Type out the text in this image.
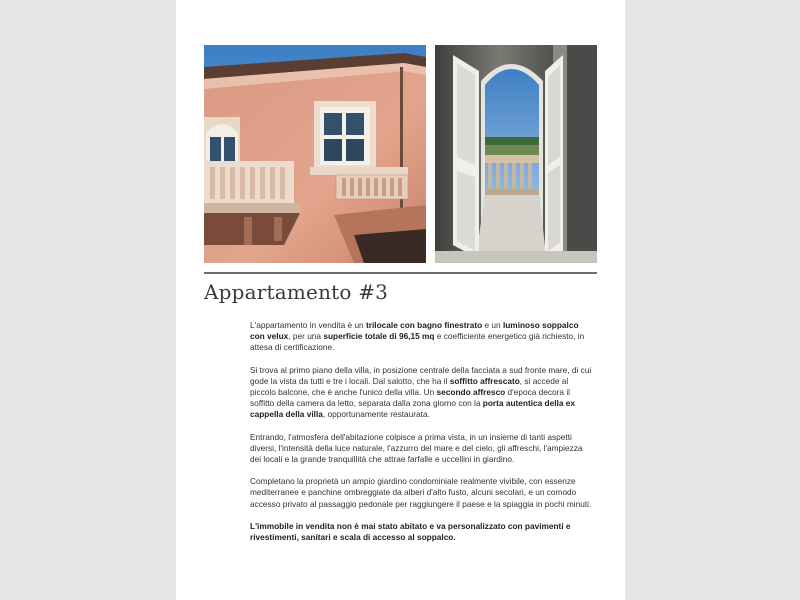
Appartamento #3

L'appartamento in vendita è un trilocale con bagno finestrato e un luminoso soppalco con velux, per una superficie totale di 96,15 mq e coefficiente energetico già richiesto, in attesa di certificazione.

Si trova al primo piano della villa, in posizione centrale della facciata a sud fronte mare, di cui gode la vista da tutti e tre i locali. Dal salotto, che ha il soffitto affrescato, si accede al piccolo balcone, che è anche l'unico della villa. Un secondo affresco d'epoca decora il soffitto della camera da letto, separata dalla zona giorno con la porta autentica della ex cappella della villa, opportunamente restaurata.

Entrando, l'atmosfera dell'abitazione colpisce a prima vista, in un insieme di tanti aspetti diversi, l'intensità della luce naturale, l'azzurro del mare e del cielo, gli affreschi, l'ampiezza dei locali e la grande tranquillità che attrae farfalle e uccellini in giardino.

Completano la proprietà un ampio giardino condominiale realmente vivibile, con essenze mediterranee e panchine ombreggiate da alberi d'alto fusto, alcuni secolari, e un comodo accesso privato al passaggio pedonale per raggiungere il paese e la spiaggia in pochi minuti.

L'immobile in vendita non è mai stato abitato e va personalizzato con pavimenti e rivestimenti, sanitari e scala di accesso al soppalco.
